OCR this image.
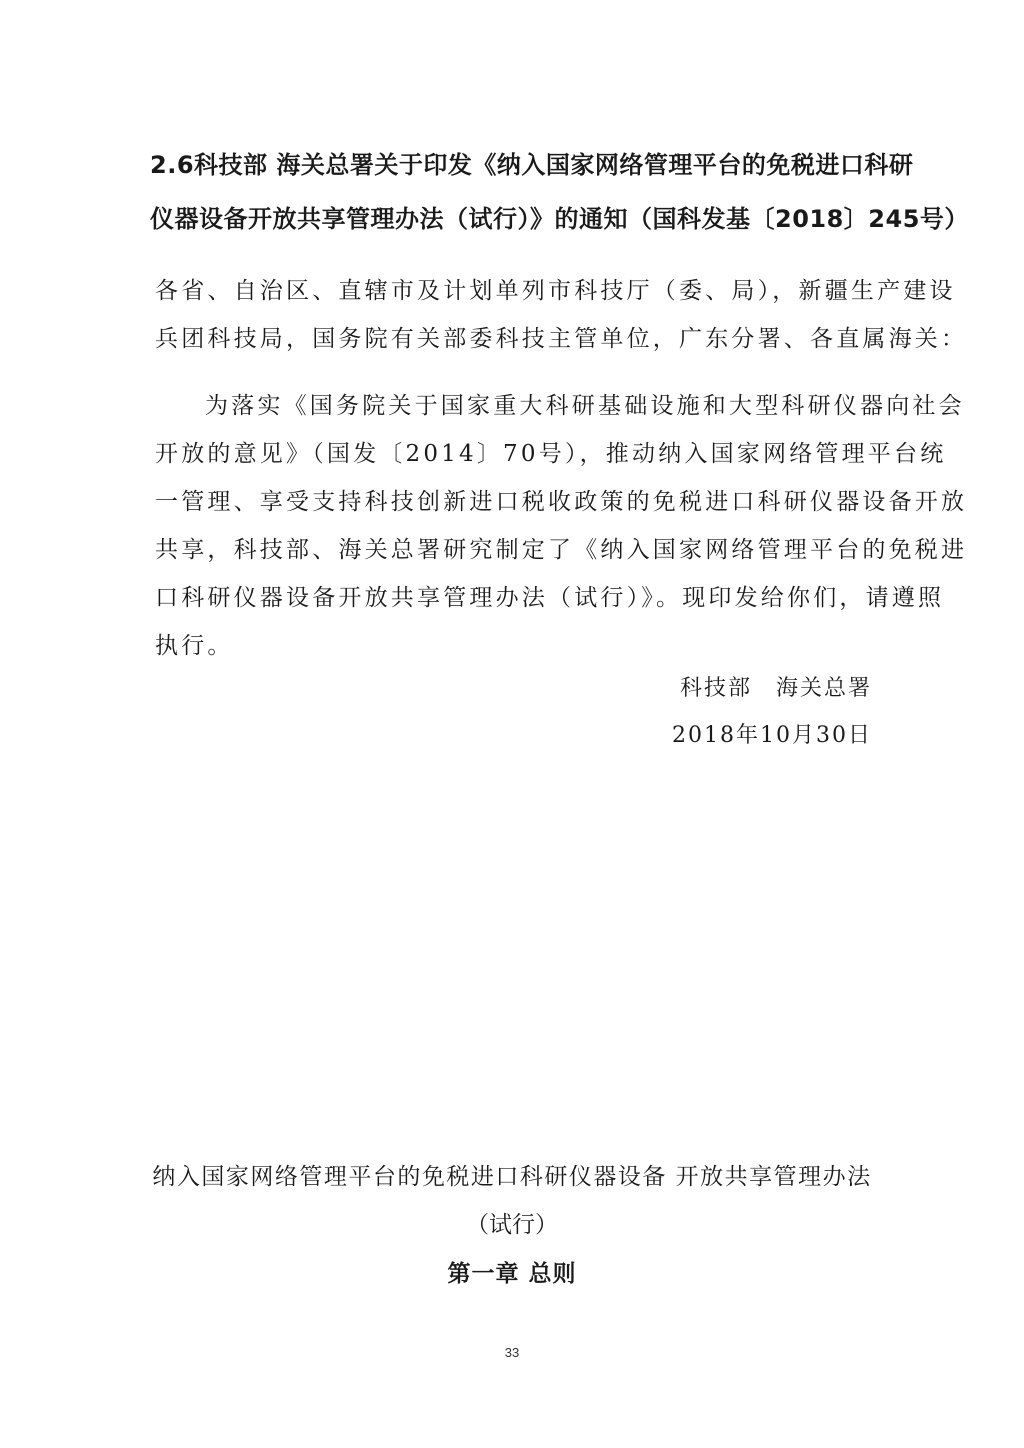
2.6科技部 海关总署关于印发《纳入国家网络管理平台的免税进口科研
仪器设备开放共享管理办法（试行）》的通知（国科发基〔2018〕245号）
各省、自治区、直辖市及计划单列市科技厅（委、局），新疆生产建设
兵团科技局，国务院有关部委科技主管单位，广东分署、各直属海关：
为落实《国务院关于国家重大科研基础设施和大型科研仪器向社会
开放的意见》（国发〔2014〕70号），推动纳入国家网络管理平台统
一管理、享受支持科技创新进口税收政策的免税进口科研仪器设备开放
共享，科技部、海关总署研究制定了《纳入国家网络管理平台的免税进
口科研仪器设备开放共享管理办法（试行）》。现印发给你们，请遵照
执行。
科技部　海关总署
2018年10月30日
纳入国家网络管理平台的免税进口科研仪器设备 开放共享管理办法
（试行）
第一章 总则
33
